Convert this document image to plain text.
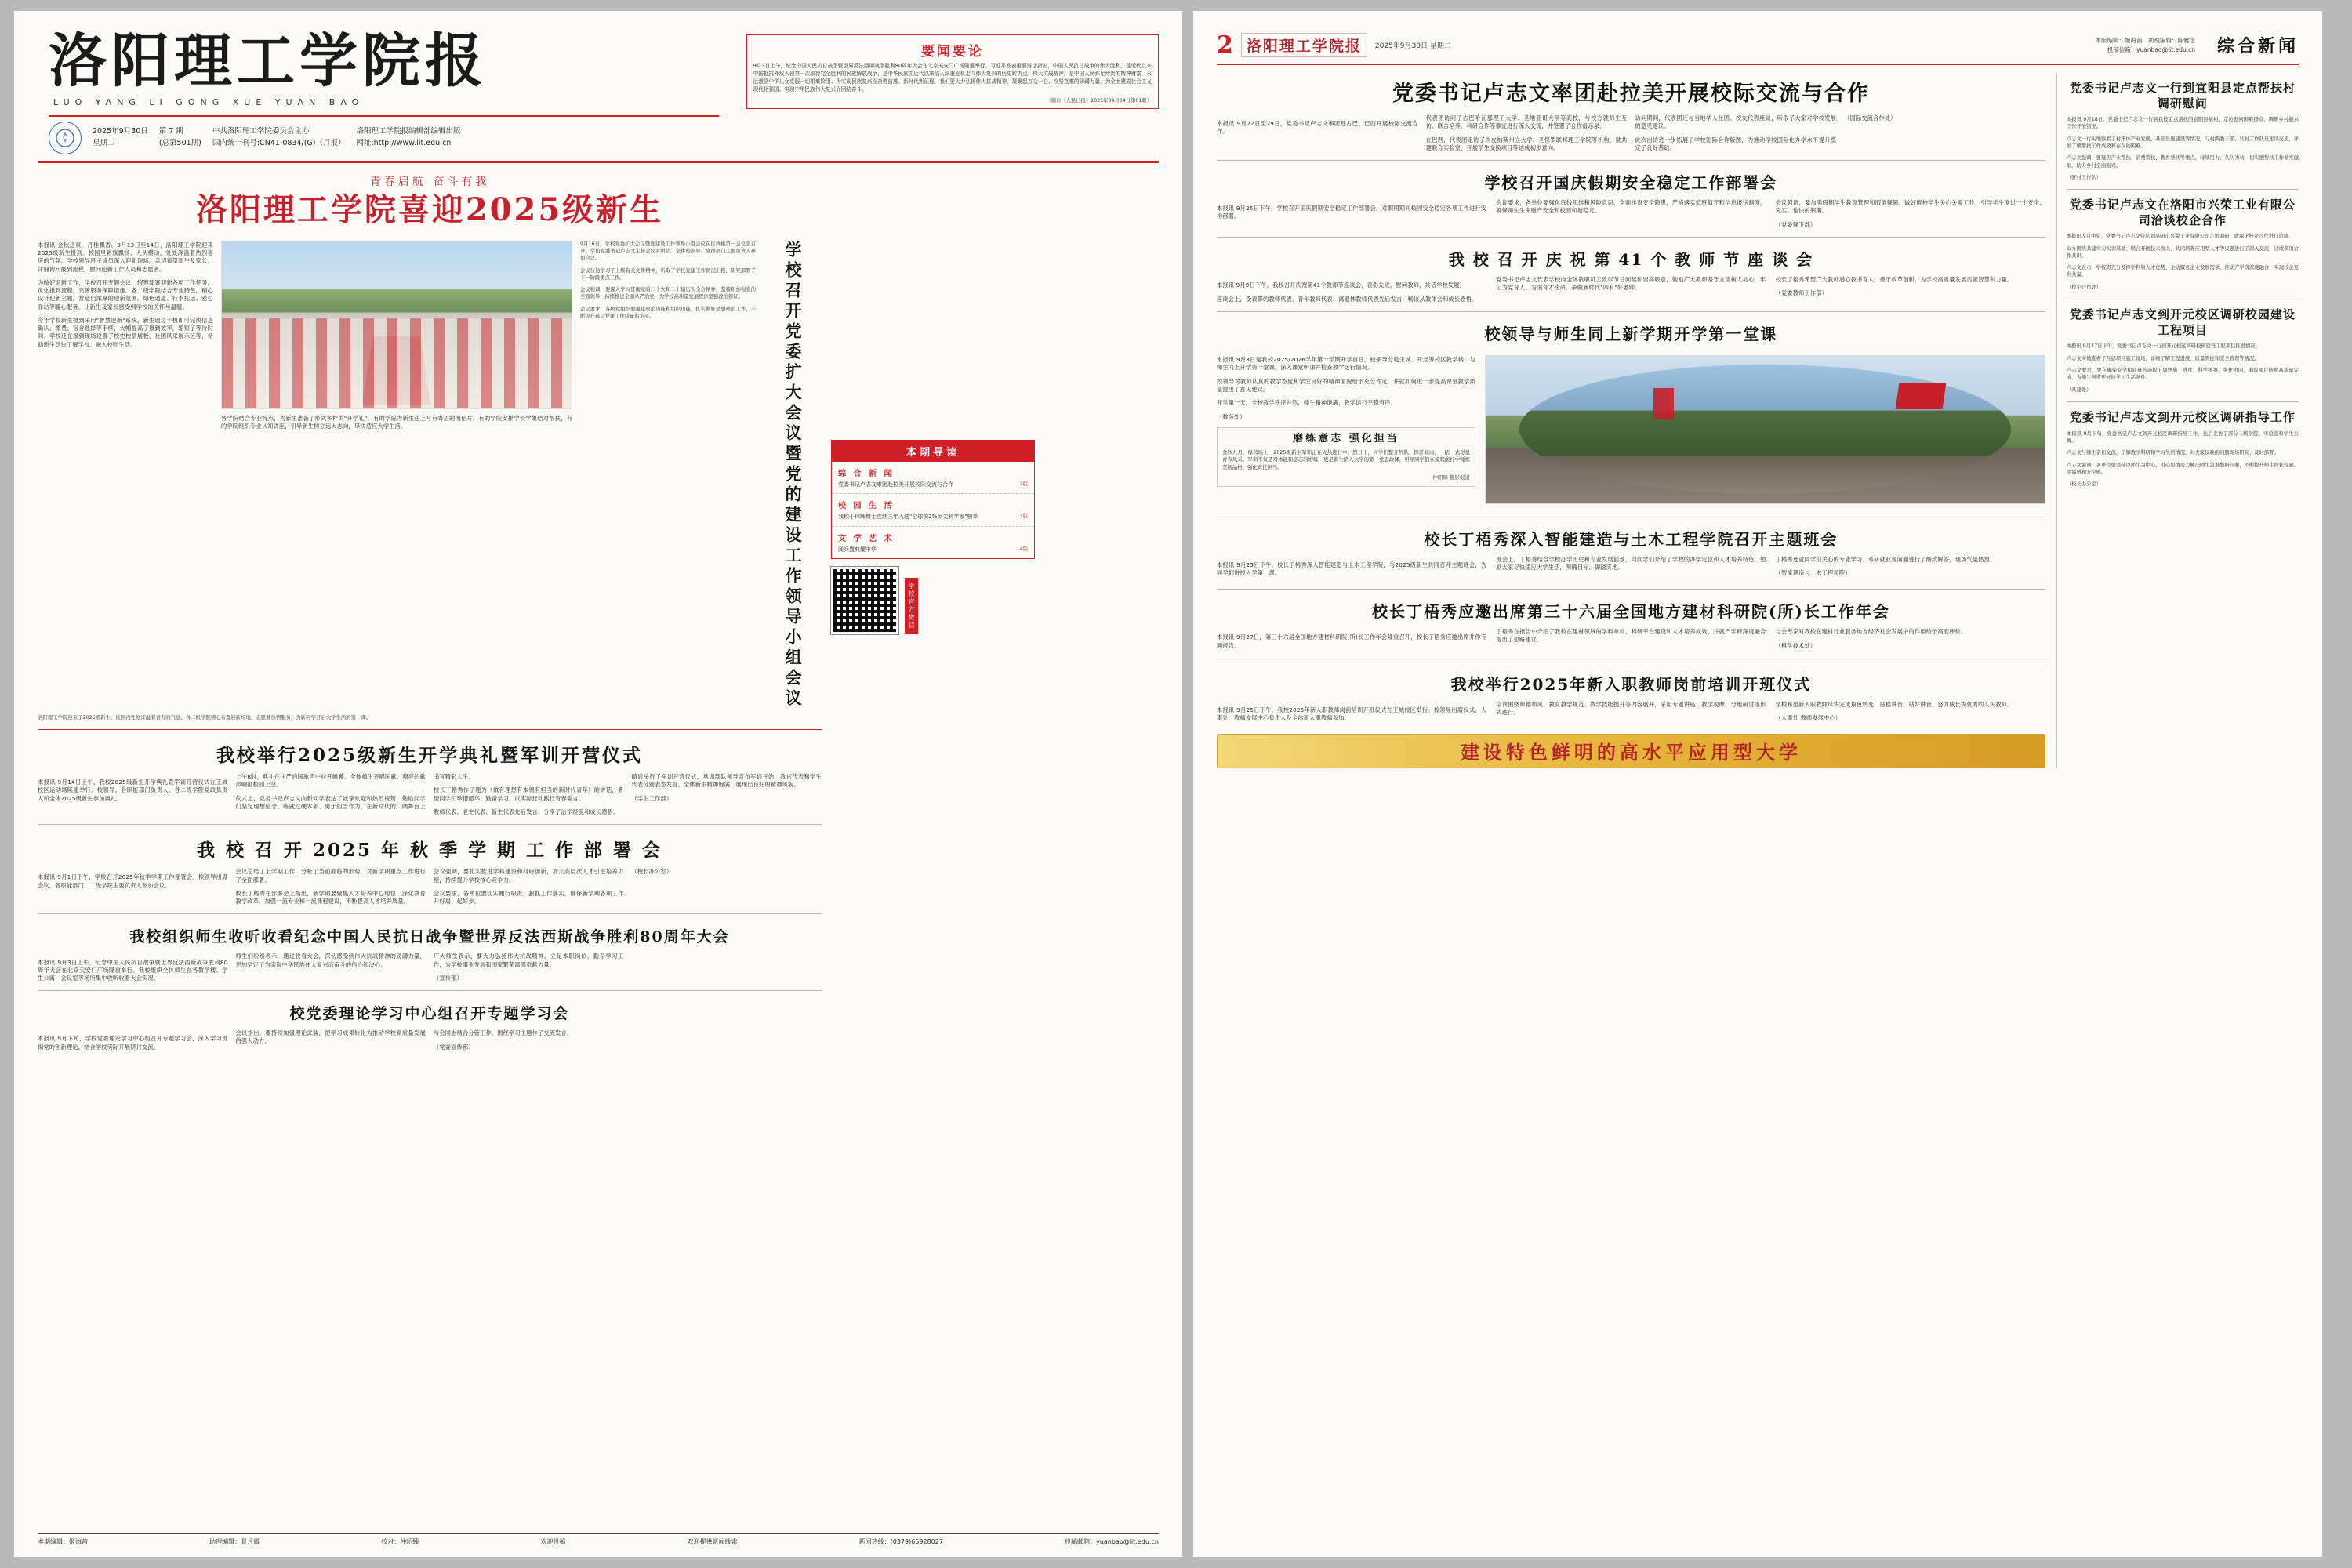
洛阳理工学院报
LUO YANG LI GONG XUE YUAN BAO
2025年9月30日
星期二
第 7 期
(总第501期)
中共洛阳理工学院委员会主办
国内统一刊号:CN41-0834/(G)（月报）
洛阳理工学院报编辑部编辑出版
网址:http://www.lit.edu.cn
要闻要论
9月3日上午，纪念中国人民抗日战争暨世界反法西斯战争胜利80周年大会在北京天安门广场隆重举行。习近平发表重要讲话指出，中国人民抗日战争的伟大胜利，是近代以来中国抵抗外敌入侵第一次取得完全胜利的民族解放战争，是中华民族由近代以来陷入深重危机走向伟大复兴的历史转折点。伟大抗战精神，是中国人民弥足珍贵的精神财富，永远激励中华儿女克服一切艰难险阻、为实现民族复兴而奋勇前进。新时代新征程，我们要大力弘扬伟大抗战精神，凝聚起万众一心、攻坚克难的磅礴力量，为全面建成社会主义现代化强国、实现中华民族伟大复兴而团结奋斗。
（摘自《人民日报》2025年09月04日第01版）
青春启航 奋斗有我
洛阳理工学院喜迎2025级新生

本报讯 金秋送爽，丹桂飘香。9月13日至14日，洛阳理工学院迎来2025级新生报到。校园里彩旗飘扬、人头攒动，处处洋溢着热烈喜庆的气氛。学校领导班子成员深入迎新现场，亲切看望新生及家长，详细询问报到流程，慰问迎新工作人员和志愿者。

为做好迎新工作，学校召开专题会议，统筹部署迎新各项工作任务，优化报到流程，完善服务保障措施。各二级学院结合专业特色，精心设计迎新主题，营造出浓厚的迎新氛围。绿色通道、行李托运、爱心驿站等暖心服务，让新生及家长感受到学校的关怀与温暖。

今年学校新生报到采用"智慧迎新"系统，新生通过手机即可完成信息确认、缴费、宿舍选择等手续，大幅提高了报到效率，缩短了等待时间。学校还在报到现场设置了校史校情展板、社团风采展示区等，帮助新生尽快了解学校、融入校园生活。

各学院结合专业特点，为新生准备了形式多样的"开学礼"。有的学院为新生送上写有寄语的明信片，有的学院安排学长学姐结对帮扶，有的学院组织专业认知讲座，引导新生树立远大志向，尽快适应大学生活。

9月16日，学校党委扩大会议暨党建设工作领导小组会议在行政楼第一会议室召开。学校党委书记卢志文主持会议并讲话。全体校领导、党群部门主要负责人参加会议。

会议传达学习了上级有关文件精神，听取了学校党建工作情况汇报，研究部署了下一阶段重点工作。

会议强调，要深入学习贯彻党的二十大和二十届历次全会精神，坚持和加强党的全面领导，持续推进全面从严治党，为学校高质量发展提供坚强政治保证。

会议要求，各级党组织要强化政治功能和组织功能，扎实做好思想政治工作，不断提升基层党建工作质量和水平。	学校召开党委扩大会议暨党的建设工作领导小组会议

洛阳理工学院迎来了2025级新生，校园内处处洋溢着青春的气息。各二级学院精心布置迎新场地，志愿者热情服务，为新同学开启大学生活的第一课。

我校举行2025级新生开学典礼暨军训开营仪式

本报讯 9月14日上午，我校2025级新生开学典礼暨军训开营仪式在王城校区运动场隆重举行。校领导、各职能部门负责人、各二级学院党政负责人和全体2025级新生参加典礼。

上午8时，典礼在庄严的国歌声中拉开帷幕。全体师生齐唱国歌，嘹亮的歌声响彻校园上空。

仪式上，党委书记卢志文向新同学表达了诚挚欢迎和热烈祝贺，勉励同学们坚定理想信念、练就过硬本领、勇于担当作为，在新时代的广阔舞台上书写精彩人生。

校长丁梧秀作了题为《做有理想有本领有担当的新时代青年》的讲话，希望同学们珍惜韶华、勤奋学习，以实际行动践行青春誓言。

教师代表、老生代表、新生代表先后发言，分享了治学经验和成长感悟。

随后举行了军训开营仪式，承训部队领导宣布军训开始，教官代表和学生代表分别表态发言。全体新生精神饱满，展现出良好的精神风貌。

（学生工作部）

我 校 召 开 2025 年 秋 季 学 期 工 作 部 署 会

本报讯 9月1日下午，学校召开2025年秋季学期工作部署会。校领导出席会议，各职能部门、二级学院主要负责人参加会议。

会议总结了上学期工作，分析了当前面临的形势，对新学期重点工作进行了全面部署。

校长丁梧秀在部署会上指出，新学期要聚焦人才培养中心地位，深化教育教学改革，加强一流专业和一流课程建设，不断提高人才培养质量。

会议强调，要扎实推进学科建设和科研创新，加大高层次人才引进培养力度，持续提升学校核心竞争力。

会议要求，各单位要切实履行职责，狠抓工作落实，确保新学期各项工作开好局、起好步。

（校长办公室）

我校组织师生收听收看纪念中国人民抗日战争暨世界反法西斯战争胜利80周年大会

本报讯 9月3日上午，纪念中国人民抗日战争暨世界反法西斯战争胜利80周年大会在北京天安门广场隆重举行。我校组织全体师生在各教学楼、学生公寓、会议室等场所集中收听收看大会实况。

师生们纷纷表示，通过收看大会，深切感受到伟大抗战精神的磅礴力量，更加坚定了为实现中华民族伟大复兴而奋斗的信心和决心。

广大师生表示，要大力弘扬伟大抗战精神，立足本职岗位，勤奋学习工作，为学校事业发展和国家繁荣富强贡献力量。

（宣传部）

校党委理论学习中心组召开专题学习会

本报讯 9月下旬，学校党委理论学习中心组召开专题学习会，深入学习贯彻党的创新理论，结合学校实际开展研讨交流。

会议指出，要持续加强理论武装，把学习成果转化为推动学校高质量发展的强大动力。

与会同志结合分管工作，围绕学习主题作了交流发言。

（党委宣传部）

本期导读
综 合 新 闻
党委书记卢志文率团赴拉美开展校际交流与合作	2版
校 园 生 活
我校于伟辉博士连续三年入选"全球前2%顶尖科学家"榜单	3版
文 学 艺 术
阅兵盛典耀中华	4版
学校官方微信
本期编辑：姬海茜	助理编辑：景月露	校对：仲昭臻	欢迎投稿	欢迎提供新闻线索	新闻热线：(0379)65928027	投稿邮箱：yuanbao@lit.edu.cn
2 洛阳理工学院报	2025年9月30日 星期二
本版编辑：姬海茜　助理编辑：陈雅芝
投稿信箱：yuanbao@lit.edu.cn 综合新闻
党委书记卢志文率团赴拉美开展校际交流与合作

本报讯 9月22日至29日，党委书记卢志文率团赴古巴、巴西开展校际交流合作。

代表团访问了古巴哈瓦那理工大学、圣地亚哥大学等高校，与校方就师生互访、联合培养、科研合作等事宜进行深入交流，并签署了合作备忘录。

在巴西，代表团走访了坎皮纳斯州立大学、圣保罗联邦理工学院等机构，就共建联合实验室、开展学生交换项目等达成初步意向。

访问期间，代表团还与当地华人社团、校友代表座谈，听取了大家对学校发展的意见建议。

此次出访进一步拓展了学校国际合作版图，为推动学校国际化办学水平提升奠定了良好基础。

（国际交流合作处）

学校召开国庆假期安全稳定工作部署会

本报讯 9月25日下午，学校召开国庆假期安全稳定工作部署会，对假期期间校园安全稳定各项工作进行安排部署。

会议要求，各单位要强化底线思维和风险意识，全面排查安全隐患，严格落实值班值守和信息报送制度，确保师生生命财产安全和校园和谐稳定。

会议强调，要加强假期学生教育管理和服务保障，做好留校学生关心关爱工作，引导学生度过一个安全、充实、愉快的假期。

（党委保卫部）

我 校 召 开 庆 祝 第 41 个 教 师 节 座 谈 会

本报讯 9月9日下午，我校召开庆祝第41个教师节座谈会，表彰先进，慰问教师，共话学校发展。

座谈会上，受表彰的教师代表、青年教师代表、离退休教师代表先后发言，畅谈从教体会和成长感悟。

党委书记卢志文代表学校向全体教职员工致以节日问候和崇高敬意，勉励广大教师坚守立德树人初心，牢记为党育人、为国育才使命，争做新时代"四有"好老师。

校长丁梧秀希望广大教师潜心教书育人，勇于改革创新，为学校高质量发展贡献智慧和力量。

（党委教师工作部）

校领导与师生同上新学期开学第一堂课

本报讯 9月8日是我校2025/2026学年第一学期开学首日，校领导分赴王城、开元等校区教学楼，与师生同上开学第一堂课，深入课堂听课并检查教学运行情况。

校领导对教师认真的教学态度和学生良好的精神面貌给予充分肯定，并就如何进一步提高课堂教学质量提出了意见建议。

开学第一天，全校教学秩序井然，师生精神饱满，教学运行平稳有序。

（教务处）

磨练意志 强化担当
金秋九月，绿茵场上，2025级新生军训正在火热进行中。烈日下，同学们整齐列队、挥汗如雨，一招一式尽显青春风采。军训不仅是对体能和意志的磨练，更是新生踏入大学的第一堂思政课，引导同学们在摸爬滚打中锤炼坚韧品格、强化责任担当。
仲昭臻 摄影报道
校长丁梧秀深入智能建造与土木工程学院召开主题班会

本报讯 9月25日下午，校长丁梧秀深入智能建造与土木工程学院，与2025级新生共同召开主题班会，为同学们讲授入学第一课。

班会上，丁梧秀结合学校办学历史和专业发展前景，向同学们介绍了学校的办学定位和人才培养特色，勉励大家尽快适应大学生活，明确目标、脚踏实地。

丁梧秀还就同学们关心的专业学习、考研就业等问题进行了细致解答，现场气氛热烈。

（智能建造与土木工程学院）

校长丁梧秀应邀出席第三十六届全国地方建材科研院(所)长工作年会

本报讯 9月27日，第三十六届全国地方建材科研院(所)长工作年会隆重召开，校长丁梧秀应邀出席并作专题报告。

丁梧秀在报告中介绍了我校在建材领域的学科布局、科研平台建设和人才培养成效，并就产学研深度融合提出了思路建议。

与会专家对我校在建材行业服务地方经济社会发展中的作用给予高度评价。

（科学技术处）

我校举行2025年新入职教师岗前培训开班仪式

本报讯 9月25日下午，我校2025年新入职教师岗前培训开班仪式在王城校区举行。校领导出席仪式，人事处、教师发展中心负责人及全体新入职教师参加。

培训围绕师德师风、教育教学规范、教学技能提升等内容展开，采用专题讲座、教学观摩、分组研讨等形式进行。

学校希望新入职教师尽快完成角色转变，站稳讲台、站好讲台，努力成长为优秀的人民教师。

（人事处 教师发展中心）

建设特色鲜明的高水平应用型大学
党委书记卢志文一行到宜阳县定点帮扶村调研慰问

本报讯 9月18日，党委书记卢志文一行到我校定点帮扶的宜阳县某村，走访慰问困难群众，调研乡村振兴工作开展情况。

卢志文一行实地察看了村集体产业发展、基础设施建设等情况，与村两委干部、驻村工作队员座谈交流，详细了解帮扶工作成效和存在的困难。

卢志文强调，要聚焦产业帮扶、消费帮扶、教育帮扶等重点，持续用力、久久为功，切实把帮扶工作做实做细，助力乡村全面振兴。

（驻村工作队）

党委书记卢志文在洛阳市兴荣工业有限公司洽谈校企合作

本报讯 9月中旬，党委书记卢志文带队到洛阳市兴荣工业有限公司走访调研，就深化校企合作进行洽谈。

双方围绕共建实习实训基地、联合开展技术攻关、共同培养应用型人才等议题进行了深入交流，达成多项合作共识。

卢志文表示，学校将充分发挥学科和人才优势，主动服务企业发展需求，推动产学研深度融合，实现校企互利共赢。

（校企合作处）

党委书记卢志文到开元校区调研校园建设工程项目

本报讯 9月17日下午，党委书记卢志文一行到开元校区调研校园建设工程项目推进情况。

卢志文实地查看了在建项目施工现场，详细了解工程进度、质量管控和安全管理等情况。

卢志文要求，要在确保安全和质量的前提下加快施工进度，科学统筹，强化协同，确保项目按期高质量完成，为师生创造更好的学习生活条件。

（基建处）

党委书记卢志文到开元校区调研指导工作

本报讯 9月下旬，党委书记卢志文到开元校区调研指导工作，先后走访了部分二级学院、实验室和学生公寓。

卢志文与师生亲切交流，了解教学科研和学习生活情况，对大家反映的问题现场研究、及时部署。

卢志文强调，各单位要坚持以师生为中心，用心用情用力解决师生急难愁盼问题，不断提升师生的获得感、幸福感和安全感。

（校长办公室）
